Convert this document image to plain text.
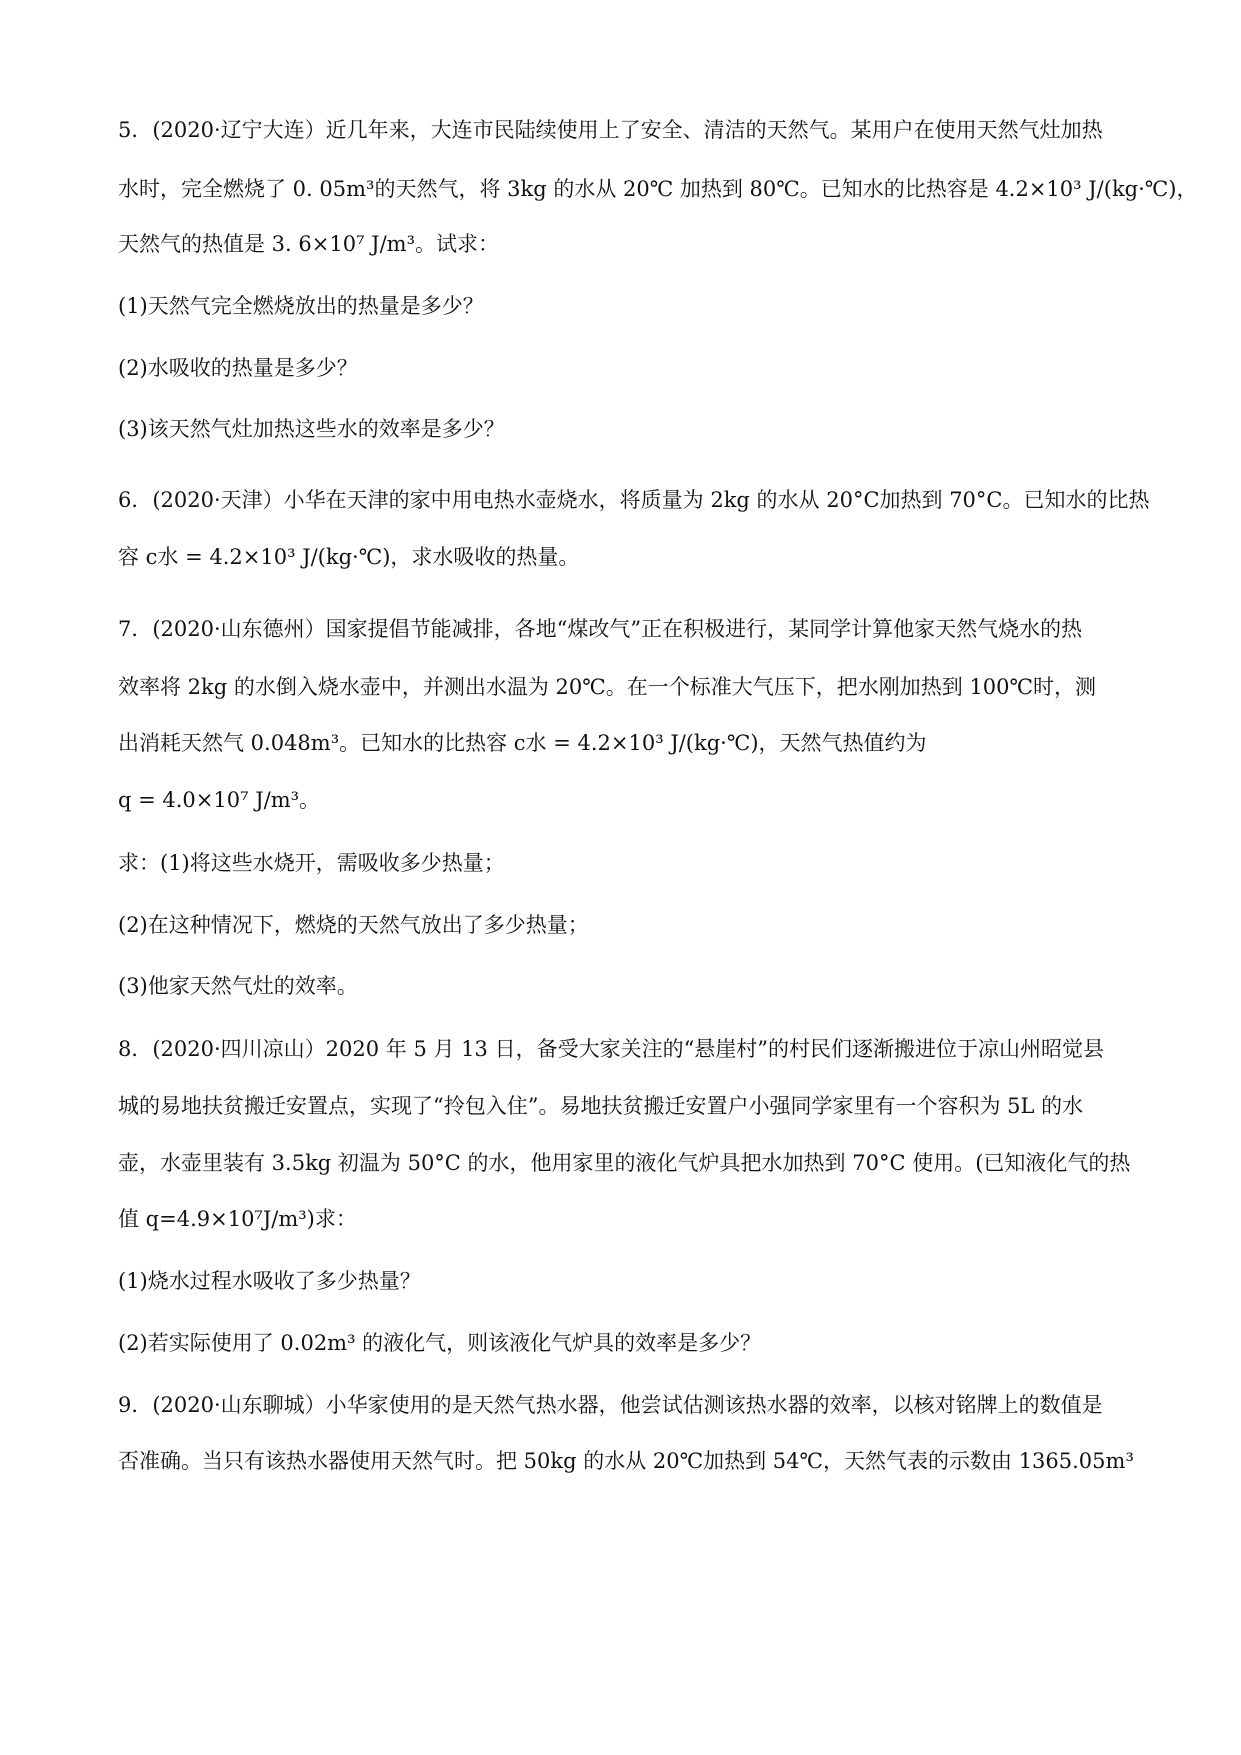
5．(2020·辽宁大连）近几年来，大连市民陆续使用上了安全、清洁的天然气。某用户在使用天然气灶加热
水时，完全燃烧了 0. 05m³的天然气，将 3kg 的水从 20℃ 加热到 80℃。已知水的比热容是 4.2×10³ J/(kg·℃)，
天然气的热值是 3. 6×10⁷ J/m³。试求：
(1)天然气完全燃烧放出的热量是多少？
(2)水吸收的热量是多少？
(3)该天然气灶加热这些水的效率是多少？
6．(2020·天津）小华在天津的家中用电热水壶烧水，将质量为 2kg 的水从 20°C加热到 70°C。已知水的比热
容 c水 = 4.2×10³ J/(kg·℃)，求水吸收的热量。
7．(2020·山东德州）国家提倡节能减排，各地“煤改气”正在积极进行，某同学计算他家天然气烧水的热
效率将 2kg 的水倒入烧水壶中，并测出水温为 20℃。在一个标准大气压下，把水刚加热到 100℃时，测
出消耗天然气 0.048m³。已知水的比热容 c水 = 4.2×10³ J/(kg·℃)，天然气热值约为
q = 4.0×10⁷ J/m³。
求：(1)将这些水烧开，需吸收多少热量；
(2)在这种情况下，燃烧的天然气放出了多少热量；
(3)他家天然气灶的效率。
8．(2020·四川凉山）2020 年 5 月 13 日，备受大家关注的“悬崖村”的村民们逐渐搬进位于凉山州昭觉县
城的易地扶贫搬迁安置点，实现了“拎包入住”。易地扶贫搬迁安置户小强同学家里有一个容积为 5L 的水
壶，水壶里装有 3.5kg 初温为 50°C 的水，他用家里的液化气炉具把水加热到 70°C 使用。(已知液化气的热
值 q=4.9×10⁷J/m³)求：
(1)烧水过程水吸收了多少热量？
(2)若实际使用了 0.02m³ 的液化气，则该液化气炉具的效率是多少？
9．(2020·山东聊城）小华家使用的是天然气热水器，他尝试估测该热水器的效率，以核对铭牌上的数值是
否准确。当只有该热水器使用天然气时。把 50kg 的水从 20℃加热到 54℃，天然气表的示数由 1365.05m³
